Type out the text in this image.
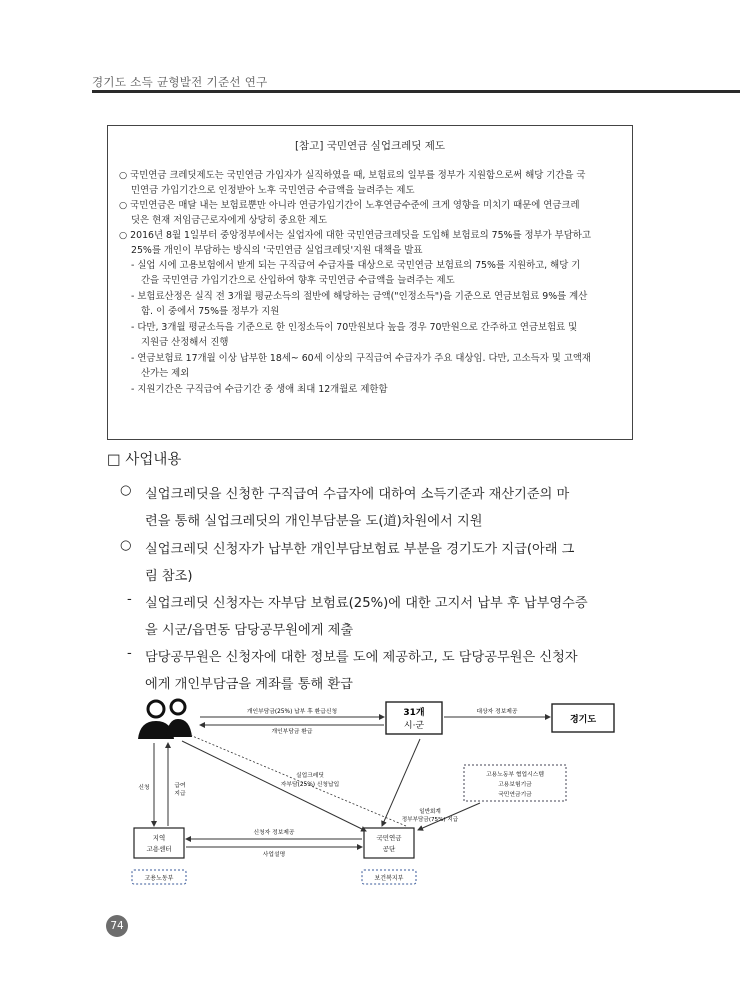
경기도 소득 균형발전 기준선 연구
[참고] 국민연금 실업크레딧 제도
○ 국민연금 크레딧제도는 국민연금 가입자가 실직하였을 때, 보험료의 일부를 정부가 지원함으로써 해당 기간을 국
민연금 가입기간으로 인정받아 노후 국민연금 수급액을 늘려주는 제도
○ 국민연금은 매달 내는 보험료뿐만 아니라 연금가입기간이 노후연금수준에 크게 영향을 미치기 때문에 연금크레
딧은 현재 저임금근로자에게 상당히 중요한 제도
○ 2016년 8월 1일부터 중앙정부에서는 실업자에 대한 국민연금크레딧을 도입해 보험료의 75%를 정부가 부담하고
25%를 개인이 부담하는 방식의 '국민연금 실업크레딧'지원 대책을 발표
- 실업 시에 고용보험에서 받게 되는 구직급여 수급자를 대상으로 국민연금 보험료의 75%를 지원하고, 해당 기
간을 국민연금 가입기간으로 산입하여 향후 국민연금 수급액을 늘려주는 제도
- 보험료산정은 실직 전 3개월 평균소득의 절반에 해당하는 금액("인정소득")을 기준으로 연금보험료 9%를 계산
함. 이 중에서 75%를 정부가 지원
- 다만, 3개월 평균소득을 기준으로 한 인정소득이 70만원보다 높을 경우 70만원으로 간주하고 연금보험료 및
지원금 산정해서 진행
- 연금보험료 17개월 이상 납부한 18세~ 60세 이상의 구직급여 수급자가 주요 대상임. 다만, 고소득자 및 고액재
산가는 제외
- 지원기간은 구직급여 수급기간 중 생애 최대 12개월로 제한함
□ 사업내용
○ 실업크레딧을 신청한 구직급여 수급자에 대하여 소득기준과 재산기준의 마
련을 통해 실업크레딧의 개인부담분을 도(道)차원에서 지원
○ 실업크레딧 신청자가 납부한 개인부담보험료 부분을 경기도가 지급(아래 그
림 참조)
- 실업크레딧 신청자는 자부담 보험료(25%)에 대한 고지서 납부 후 납부영수증
을 시군/읍면동 담당공무원에게 제출
- 담당공무원은 신청자에 대한 정보를 도에 제공하고, 도 담당공무원은 신청자
에게 개인부담금을 계좌를 통해 환급
31개
시·군
경기도
지역
고용센터
국민연금
공단
고용노동부 협업시스템
고용보험기금
국민연금기금
고용노동부	보건복지부
개인부담금(25%) 납부 후 환급신청
개인부담금 환급
대상자 정보제공
신청	급여
지급
실업크레딧
자부담(25%) 신청납입
일반회계
정부부담금(75%) 지급
신청자 정보제공
사업설명
74
